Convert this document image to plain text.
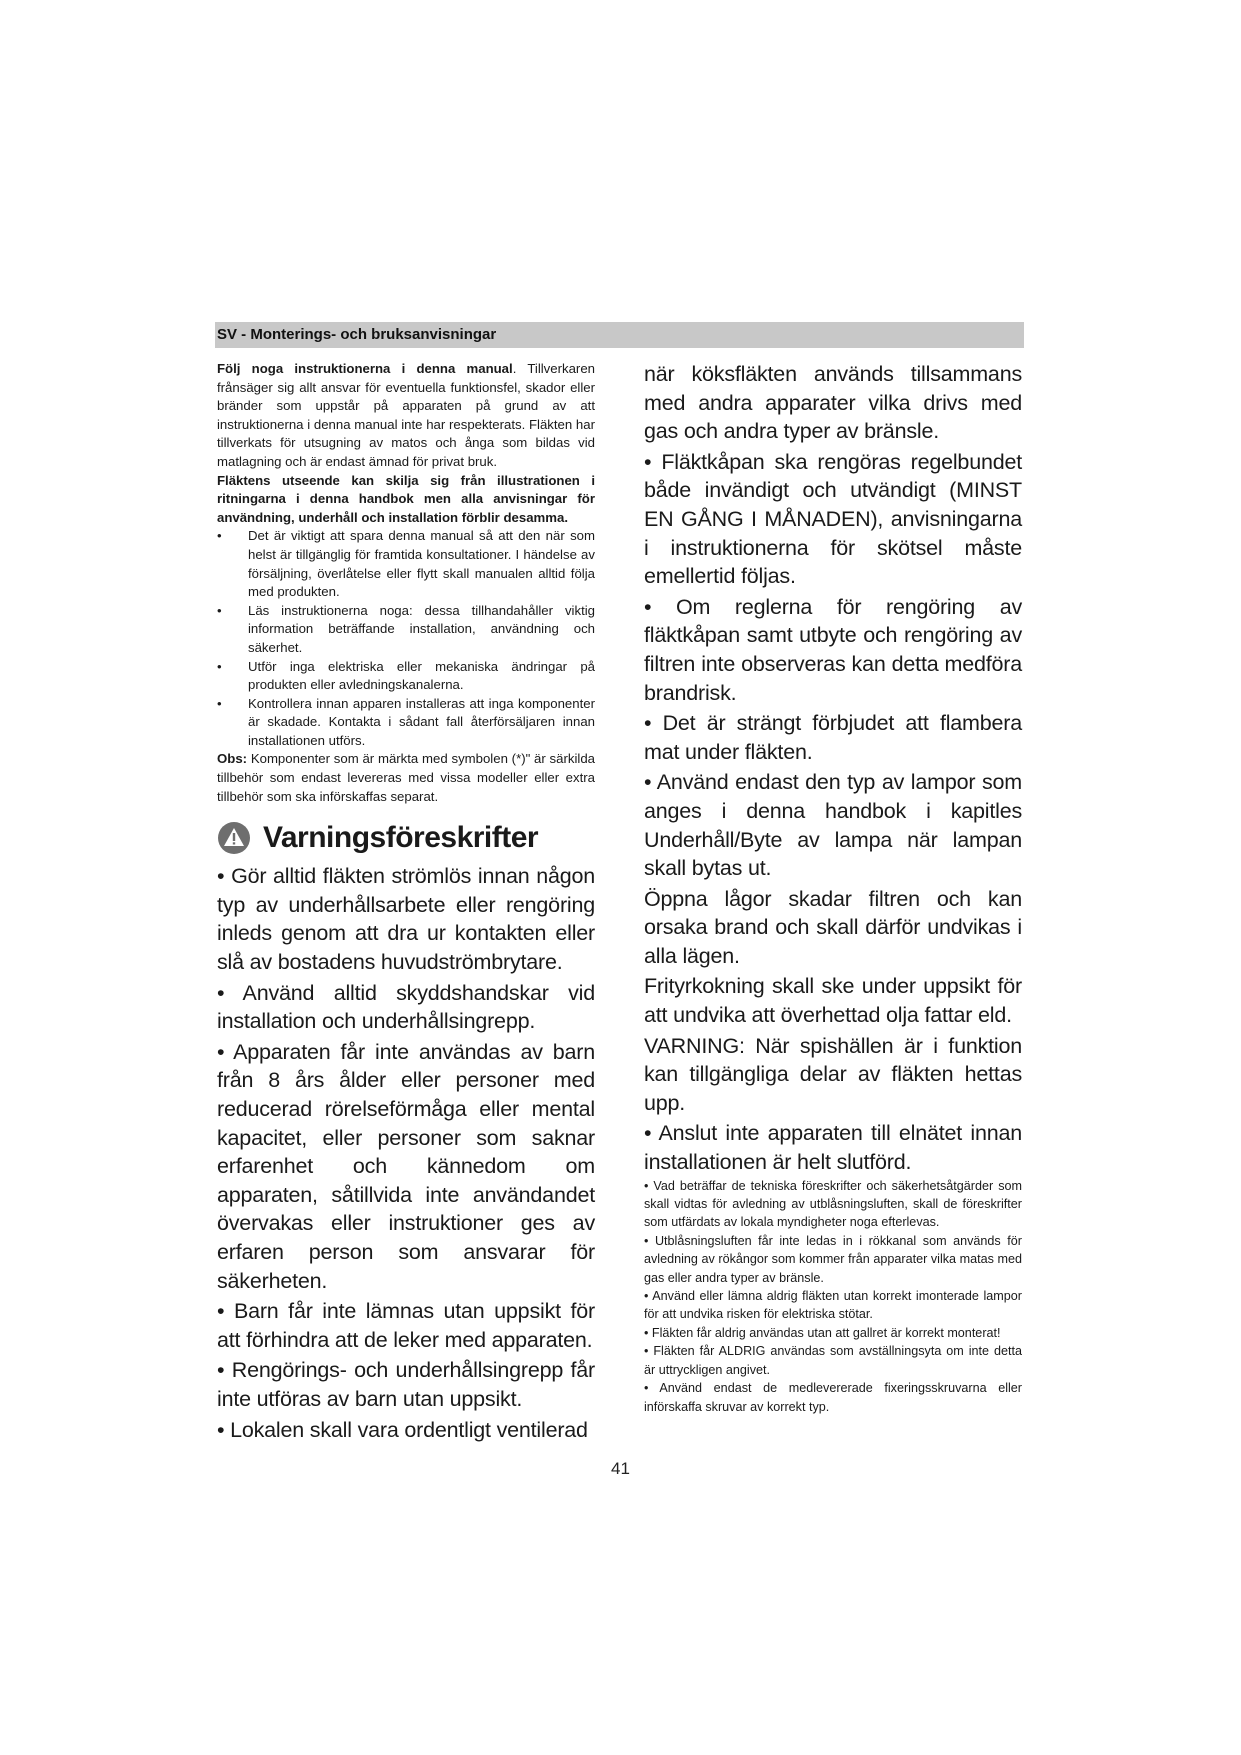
SV - Monterings- och bruksanvisningar

Följ noga instruktionerna i denna manual. Tillverkaren frånsäger sig allt ansvar för eventuella funktionsfel, skador eller bränder som uppstår på apparaten på grund av att instruktionerna i denna manual inte har respekterats. Fläkten har tillverkats för utsugning av matos och ånga som bildas vid matlagning och är endast ämnad för privat bruk.

Fläktens utseende kan skilja sig från illustrationen i ritningarna i denna handbok men alla anvisningar för användning, underhåll och installation förblir desamma.

• Det är viktigt att spara denna manual så att den när som helst är tillgänglig för framtida konsultationer. I händelse av försäljning, överlåtelse eller flytt skall manualen alltid följa med produkten.
• Läs instruktionerna noga: dessa tillhandahåller viktig information beträffande installation, användning och säkerhet.
• Utför inga elektriska eller mekaniska ändringar på produkten eller avledningskanalerna.
• Kontrollera innan apparen installeras att inga komponenter är skadade. Kontakta i sådant fall återförsäljaren innan installationen utförs.

Obs: Komponenter som är märkta med symbolen (*)" är särkilda tillbehör som endast levereras med vissa modeller eller extra tillbehör som ska införskaffas separat.

Varningsföreskrifter

• Gör alltid fläkten strömlös innan någon typ av underhållsarbete eller rengöring inleds genom att dra ur kontakten eller slå av bostadens huvudströmbrytare.

• Använd alltid skyddshandskar vid installation och underhållsingrepp.

• Apparaten får inte användas av barn från 8 års ålder eller personer med reducerad rörelseförmåga eller mental kapacitet, eller personer som saknar erfarenhet och kännedom om apparaten, såtillvida inte användandet övervakas eller instruktioner ges av erfaren person som ansvarar för säkerheten.

• Barn får inte lämnas utan uppsikt för att förhindra att de leker med apparaten.

• Rengörings- och underhållsingrepp får inte utföras av barn utan uppsikt.

• Lokalen skall vara ordentligt ventilerad

när köksfläkten används tillsammans med andra apparater vilka drivs med gas och andra typer av bränsle.

• Fläktkåpan ska rengöras regelbundet både invändigt och utvändigt (MINST EN GÅNG I MÅNADEN), anvisningarna i instruktionerna för skötsel måste emellertid följas.

• Om reglerna för rengöring av fläktkåpan samt utbyte och rengöring av filtren inte observeras kan detta medföra brandrisk.

• Det är strängt förbjudet att flambera mat under fläkten.

• Använd endast den typ av lampor som anges i denna handbok i kapitles Underhåll/Byte av lampa när lampan skall bytas ut.

Öppna lågor skadar filtren och kan orsaka brand och skall därför undvikas i alla lägen.

Frityrkokning skall ske under uppsikt för att undvika att överhettad olja fattar eld.

VARNING: När spishällen är i funktion kan tillgängliga delar av fläkten hettas upp.

• Anslut inte apparaten till elnätet innan installationen är helt slutförd.

• Vad beträffar de tekniska föreskrifter och säkerhetsåtgärder som skall vidtas för avledning av utblåsningsluften, skall de föreskrifter som utfärdats av lokala myndigheter noga efterlevas.

• Utblåsningsluften får inte ledas in i rökkanal som används för avledning av rökångor som kommer från apparater vilka matas med gas eller andra typer av bränsle.

• Använd eller lämna aldrig fläkten utan korrekt imonterade lampor för att undvika risken för elektriska stötar.

• Fläkten får aldrig användas utan att gallret är korrekt monterat!

• Fläkten får ALDRIG användas som avställningsyta om inte detta är uttryckligen angivet.

• Använd endast de medlevererade fixeringsskruvarna eller införskaffa skruvar av korrekt typ.

41
